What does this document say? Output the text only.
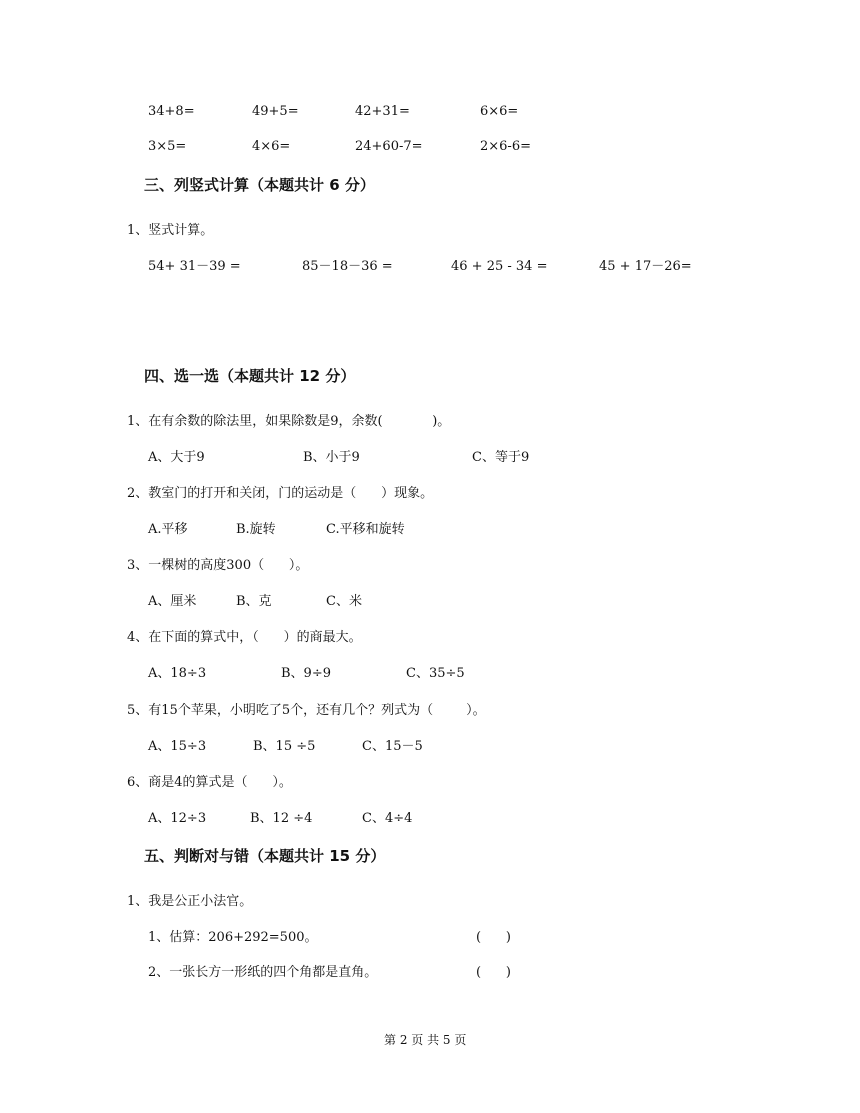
34+8=	49+5=	42+31=	6×6=
3×5=	4×6=	24+60-7=	2×6-6=
三、列竖式计算（本题共计 6 分）
1、竖式计算。
54+ 31－39 =	85－18－36 =	46 + 25 - 34 =	45 + 17－26=
四、选一选（本题共计 12 分）
1、在有余数的除法里，如果除数是9，余数(            )。
A、大于9	B、小于9	C、等于9
2、教室门的打开和关闭，门的运动是（      ）现象。
A.平移	B.旋转	C.平移和旋转
3、一棵树的高度300（      ）。
A、厘米	B、克	C、米
4、在下面的算式中，（      ）的商最大。
A、18÷3	B、9÷9	C、35÷5
5、有15个苹果，小明吃了5个，还有几个？列式为（        ）。
A、15÷3	B、15 ÷5	C、15－5
6、商是4的算式是（      ）。
A、12÷3	B、12 ÷4	C、4÷4
五、判断对与错（本题共计 15 分）
1、我是公正小法官。
1、估算：206+292=500。	(      )
2、一张长方一形纸的四个角都是直角。	(      )
第 2 页 共 5 页
